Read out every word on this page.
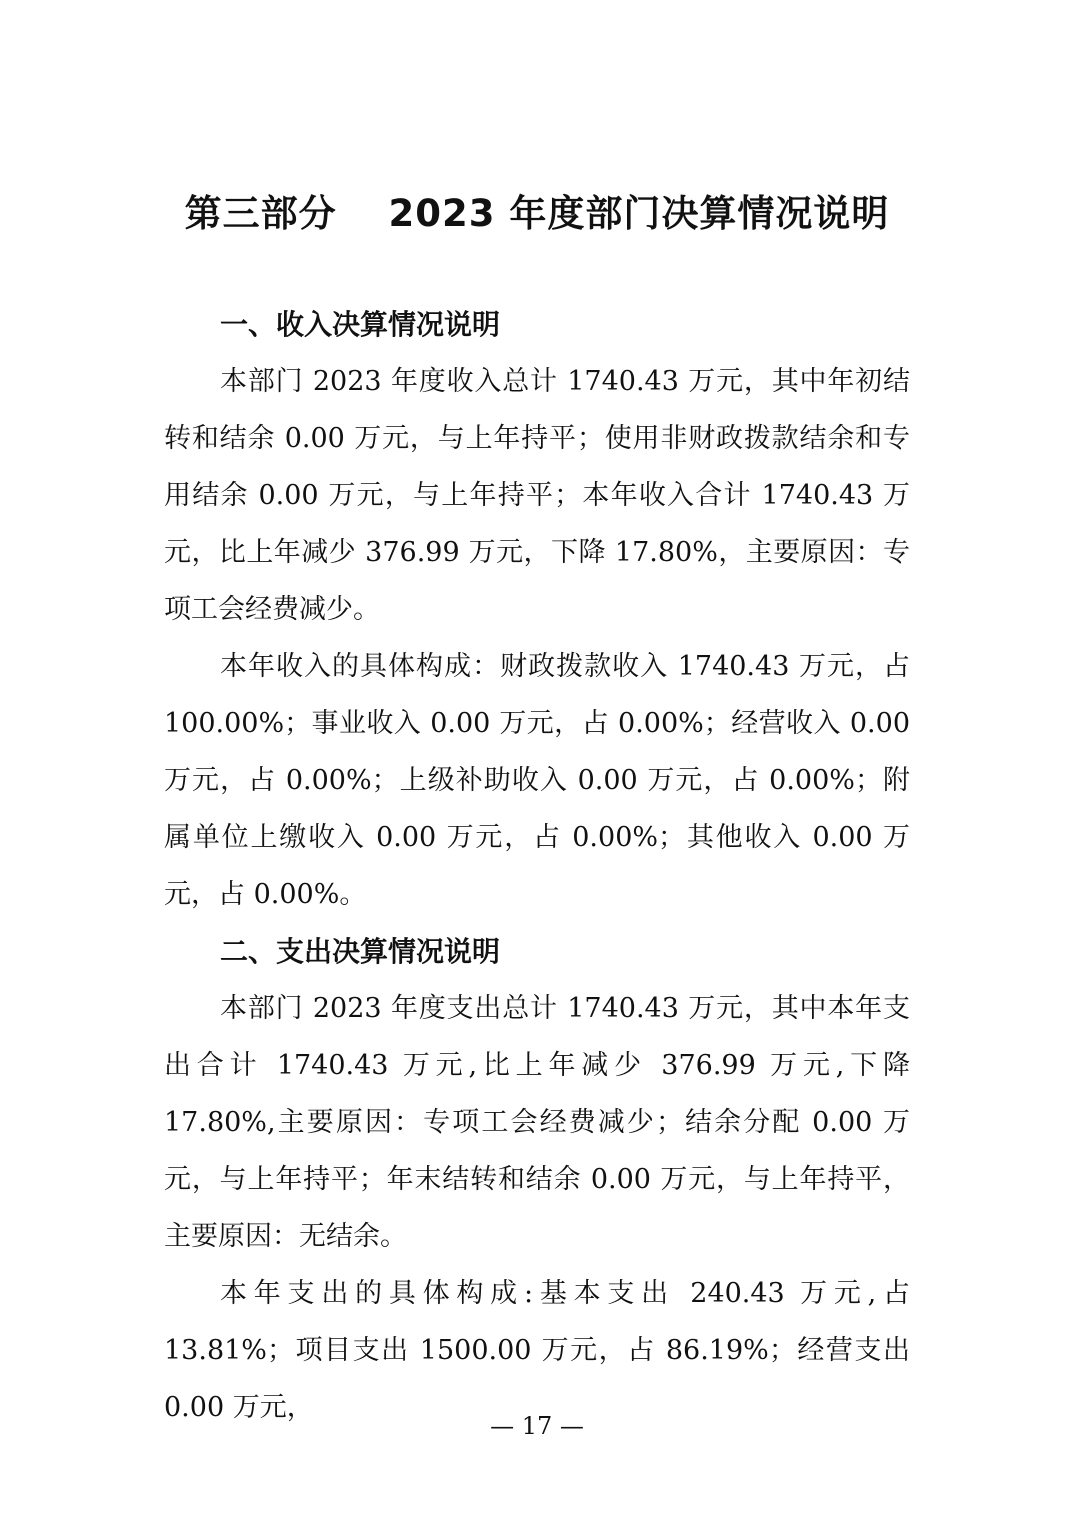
第三部分　 2023 年度部门决算情况说明
一、收入决算情况说明

本部门 2023 年度收入总计 1740.43 万元，其中年初结转和结余 0.00 万元，与上年持平；使用非财政拨款结余和专用结余 0.00 万元，与上年持平；本年收入合计 1740.43 万元，比上年减少 376.99 万元，下降 17.80%，主要原因：专项工会经费减少。

本年收入的具体构成：财政拨款收入 1740.43 万元，占 100.00%；事业收入 0.00 万元，占 0.00%；经营收入 0.00 万元，占 0.00%；上级补助收入 0.00 万元，占 0.00%；附属单位上缴收入 0.00 万元，占 0.00%；其他收入 0.00 万元，占 0.00%。

二、支出决算情况说明

本部门 2023 年度支出总计 1740.43 万元，其中本年支出合计 1740.43 万元,比上年减少 376.99 万元,下降 17.80%,主要原因：专项工会经费减少；结余分配 0.00 万元，与上年持平；年末结转和结余 0.00 万元，与上年持平，主要原因：无结余。

本年支出的具体构成:基本支出 240.43 万元,占 13.81%；项目支出 1500.00 万元，占 86.19%；经营支出 0.00 万元，

— 17 —
